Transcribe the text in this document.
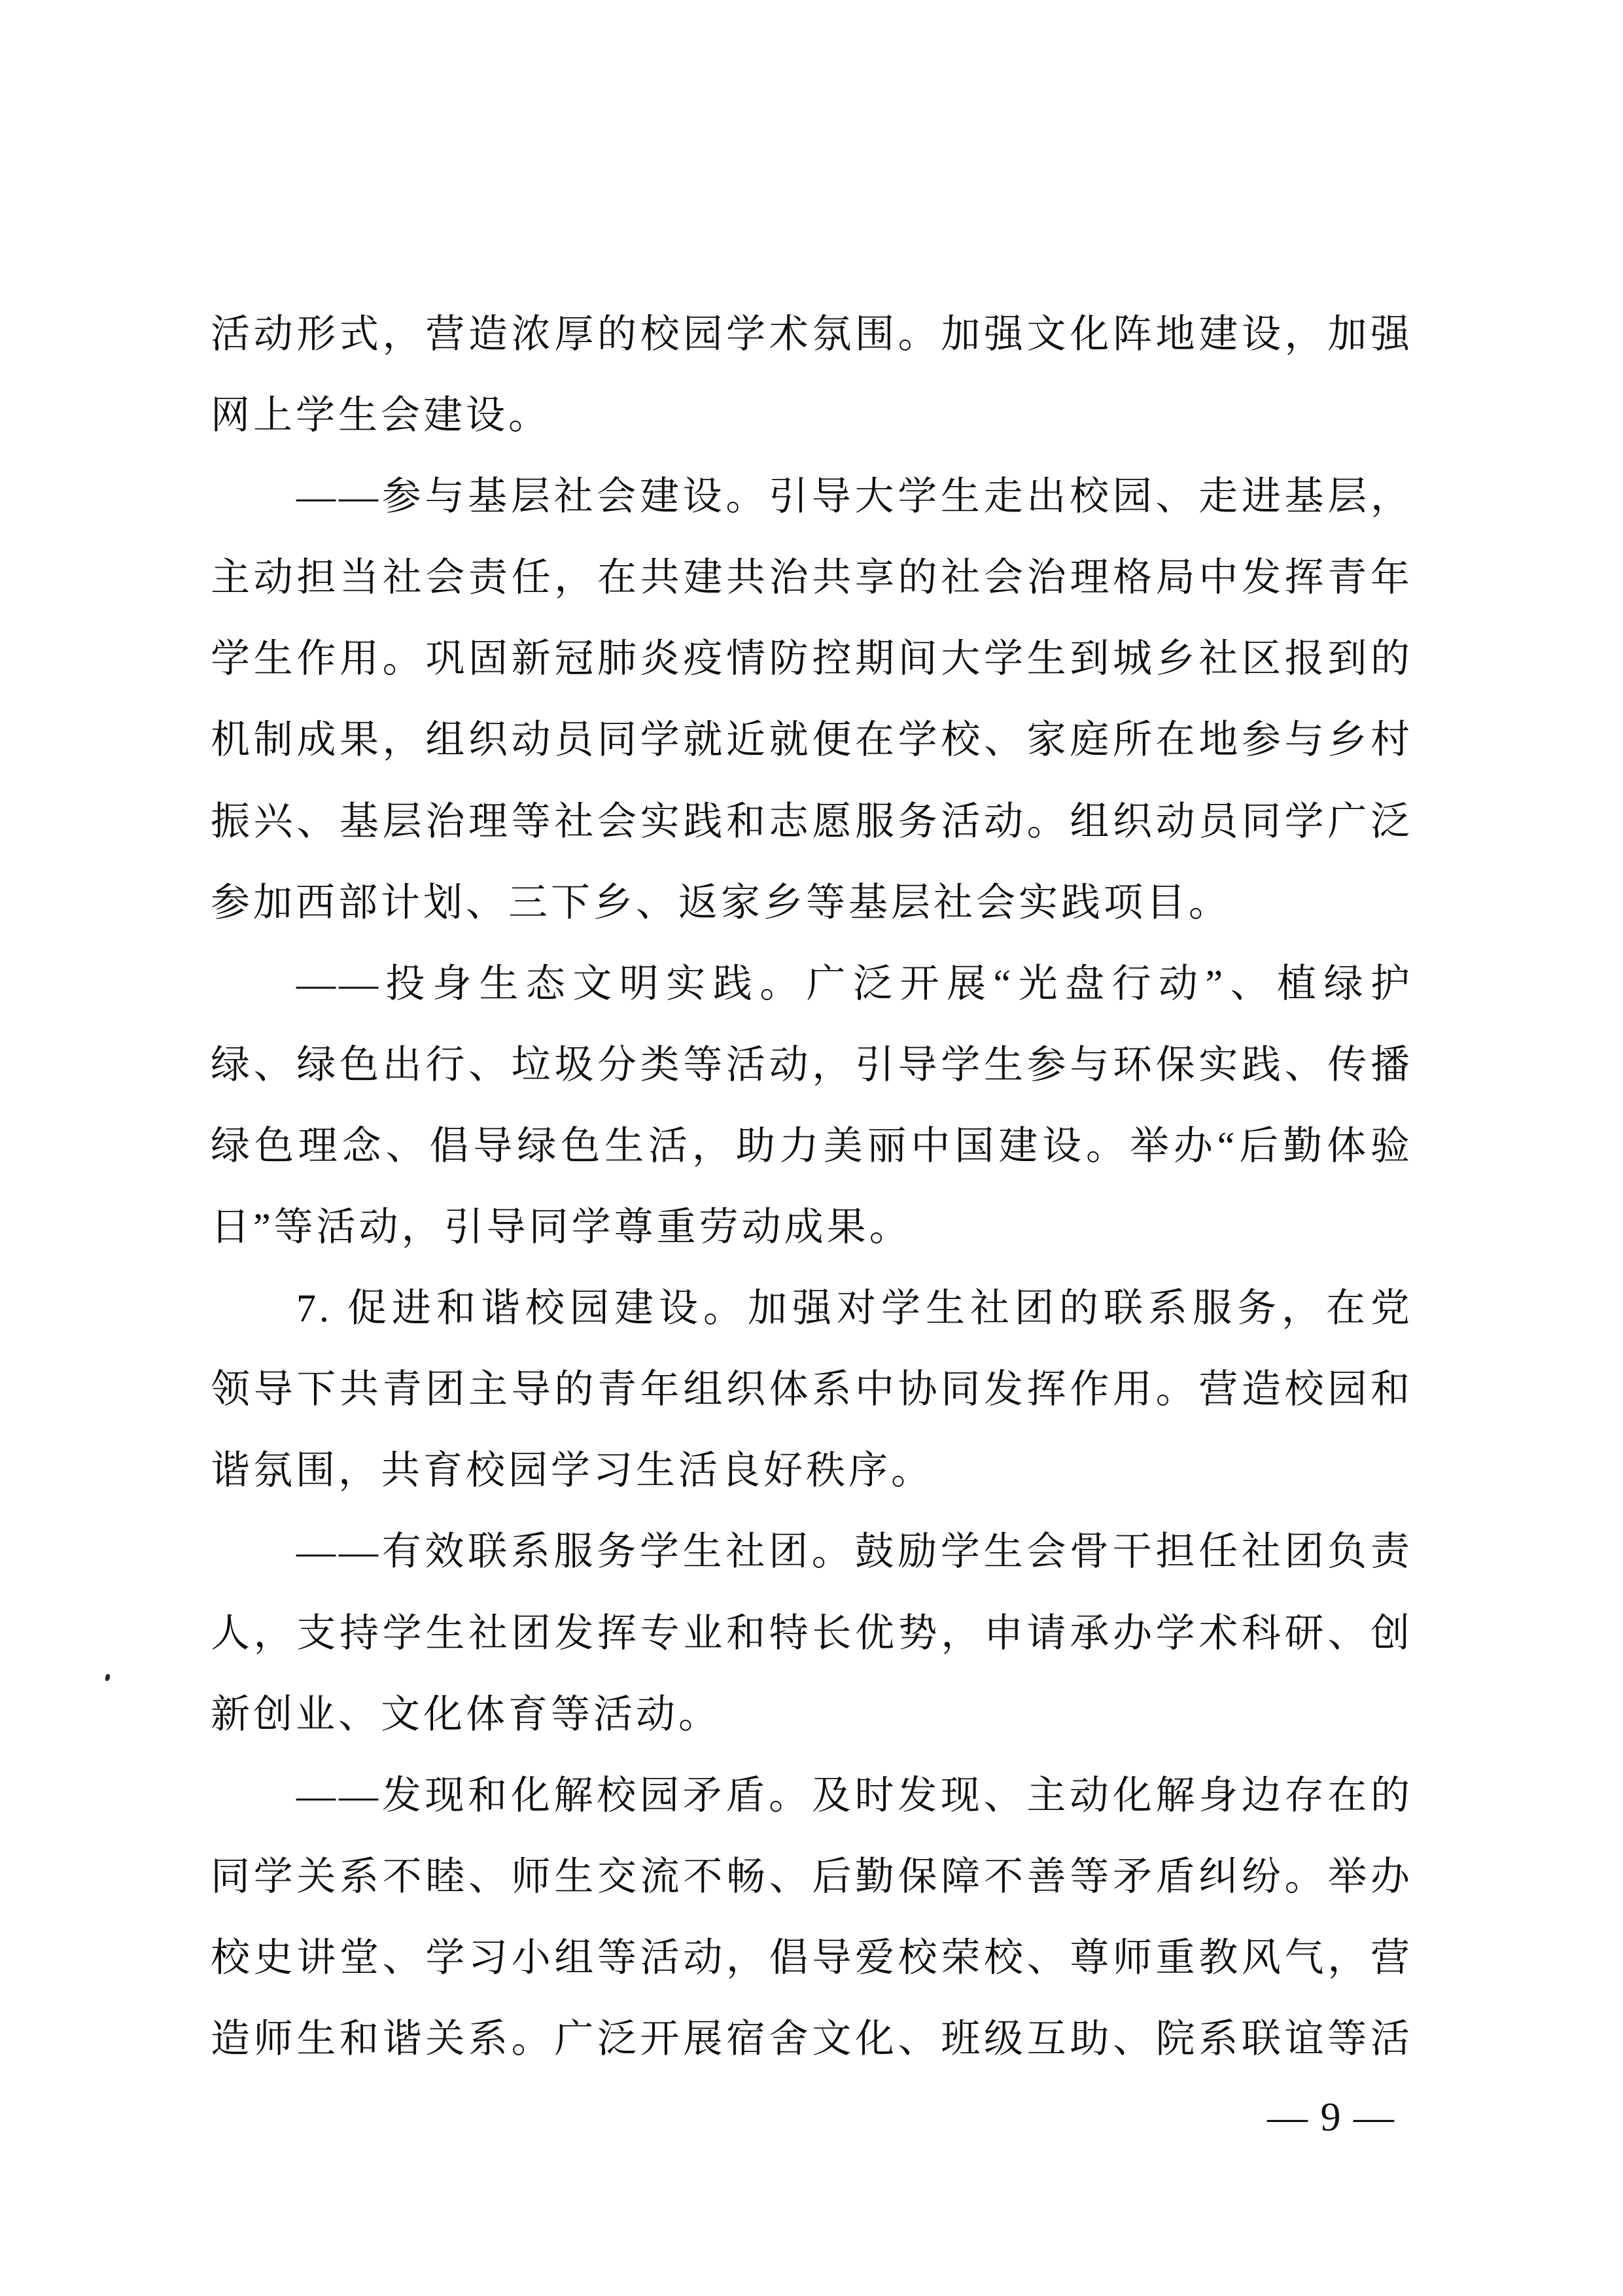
活动形式，营造浓厚的校园学术氛围。加强文化阵地建设，加强
网上学生会建设。
——参与基层社会建设。引导大学生走出校园、走进基层，
主动担当社会责任，在共建共治共享的社会治理格局中发挥青年
学生作用。巩固新冠肺炎疫情防控期间大学生到城乡社区报到的
机制成果，组织动员同学就近就便在学校、家庭所在地参与乡村
振兴、基层治理等社会实践和志愿服务活动。组织动员同学广泛
参加西部计划、三下乡、返家乡等基层社会实践项目。
——投身生态文明实践。广泛开展“光盘行动”、植绿护
绿、绿色出行、垃圾分类等活动，引导学生参与环保实践、传播
绿色理念、倡导绿色生活，助力美丽中国建设。举办“后勤体验
日”等活动，引导同学尊重劳动成果。
7. 促进和谐校园建设。加强对学生社团的联系服务，在党
领导下共青团主导的青年组织体系中协同发挥作用。营造校园和
谐氛围，共育校园学习生活良好秩序。
——有效联系服务学生社团。鼓励学生会骨干担任社团负责
人，支持学生社团发挥专业和特长优势，申请承办学术科研、创
新创业、文化体育等活动。
——发现和化解校园矛盾。及时发现、主动化解身边存在的
同学关系不睦、师生交流不畅、后勤保障不善等矛盾纠纷。举办
校史讲堂、学习小组等活动，倡导爱校荣校、尊师重教风气，营
造师生和谐关系。广泛开展宿舍文化、班级互助、院系联谊等活
— 9 —
